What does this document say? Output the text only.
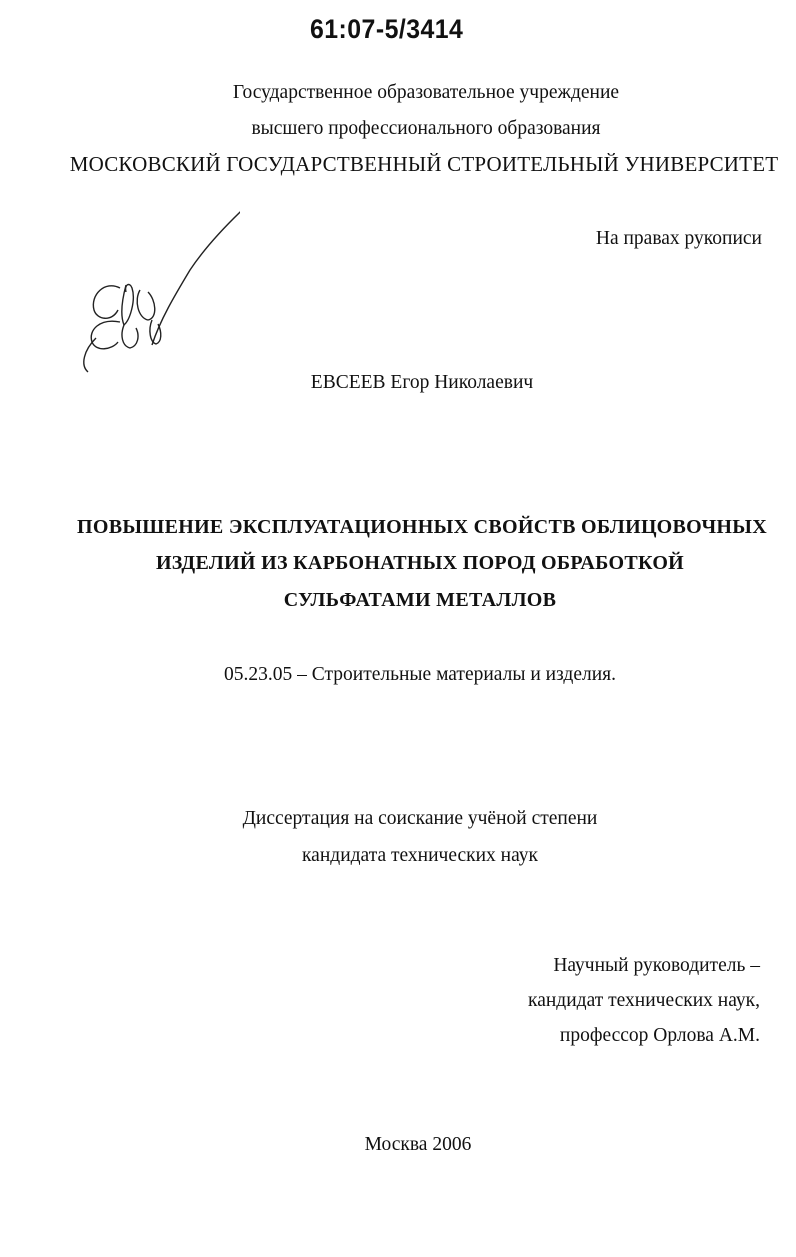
61:07-5/3414
Государственное образовательное учреждение
высшего профессионального образования
МОСКОВСКИЙ ГОСУДАРСТВЕННЫЙ СТРОИТЕЛЬНЫЙ УНИВЕРСИТЕТ
На правах рукописи
ЕВСЕЕВ Егор Николаевич
ПОВЫШЕНИЕ ЭКСПЛУАТАЦИОННЫХ СВОЙСТВ ОБЛИЦОВОЧНЫХ
ИЗДЕЛИЙ ИЗ КАРБОНАТНЫХ ПОРОД ОБРАБОТКОЙ
СУЛЬФАТАМИ МЕТАЛЛОВ
05.23.05 – Строительные материалы и изделия.
Диссертация на соискание учёной степени
кандидата технических наук
Научный руководитель –
кандидат технических наук,
профессор Орлова А.М.
Москва 2006
